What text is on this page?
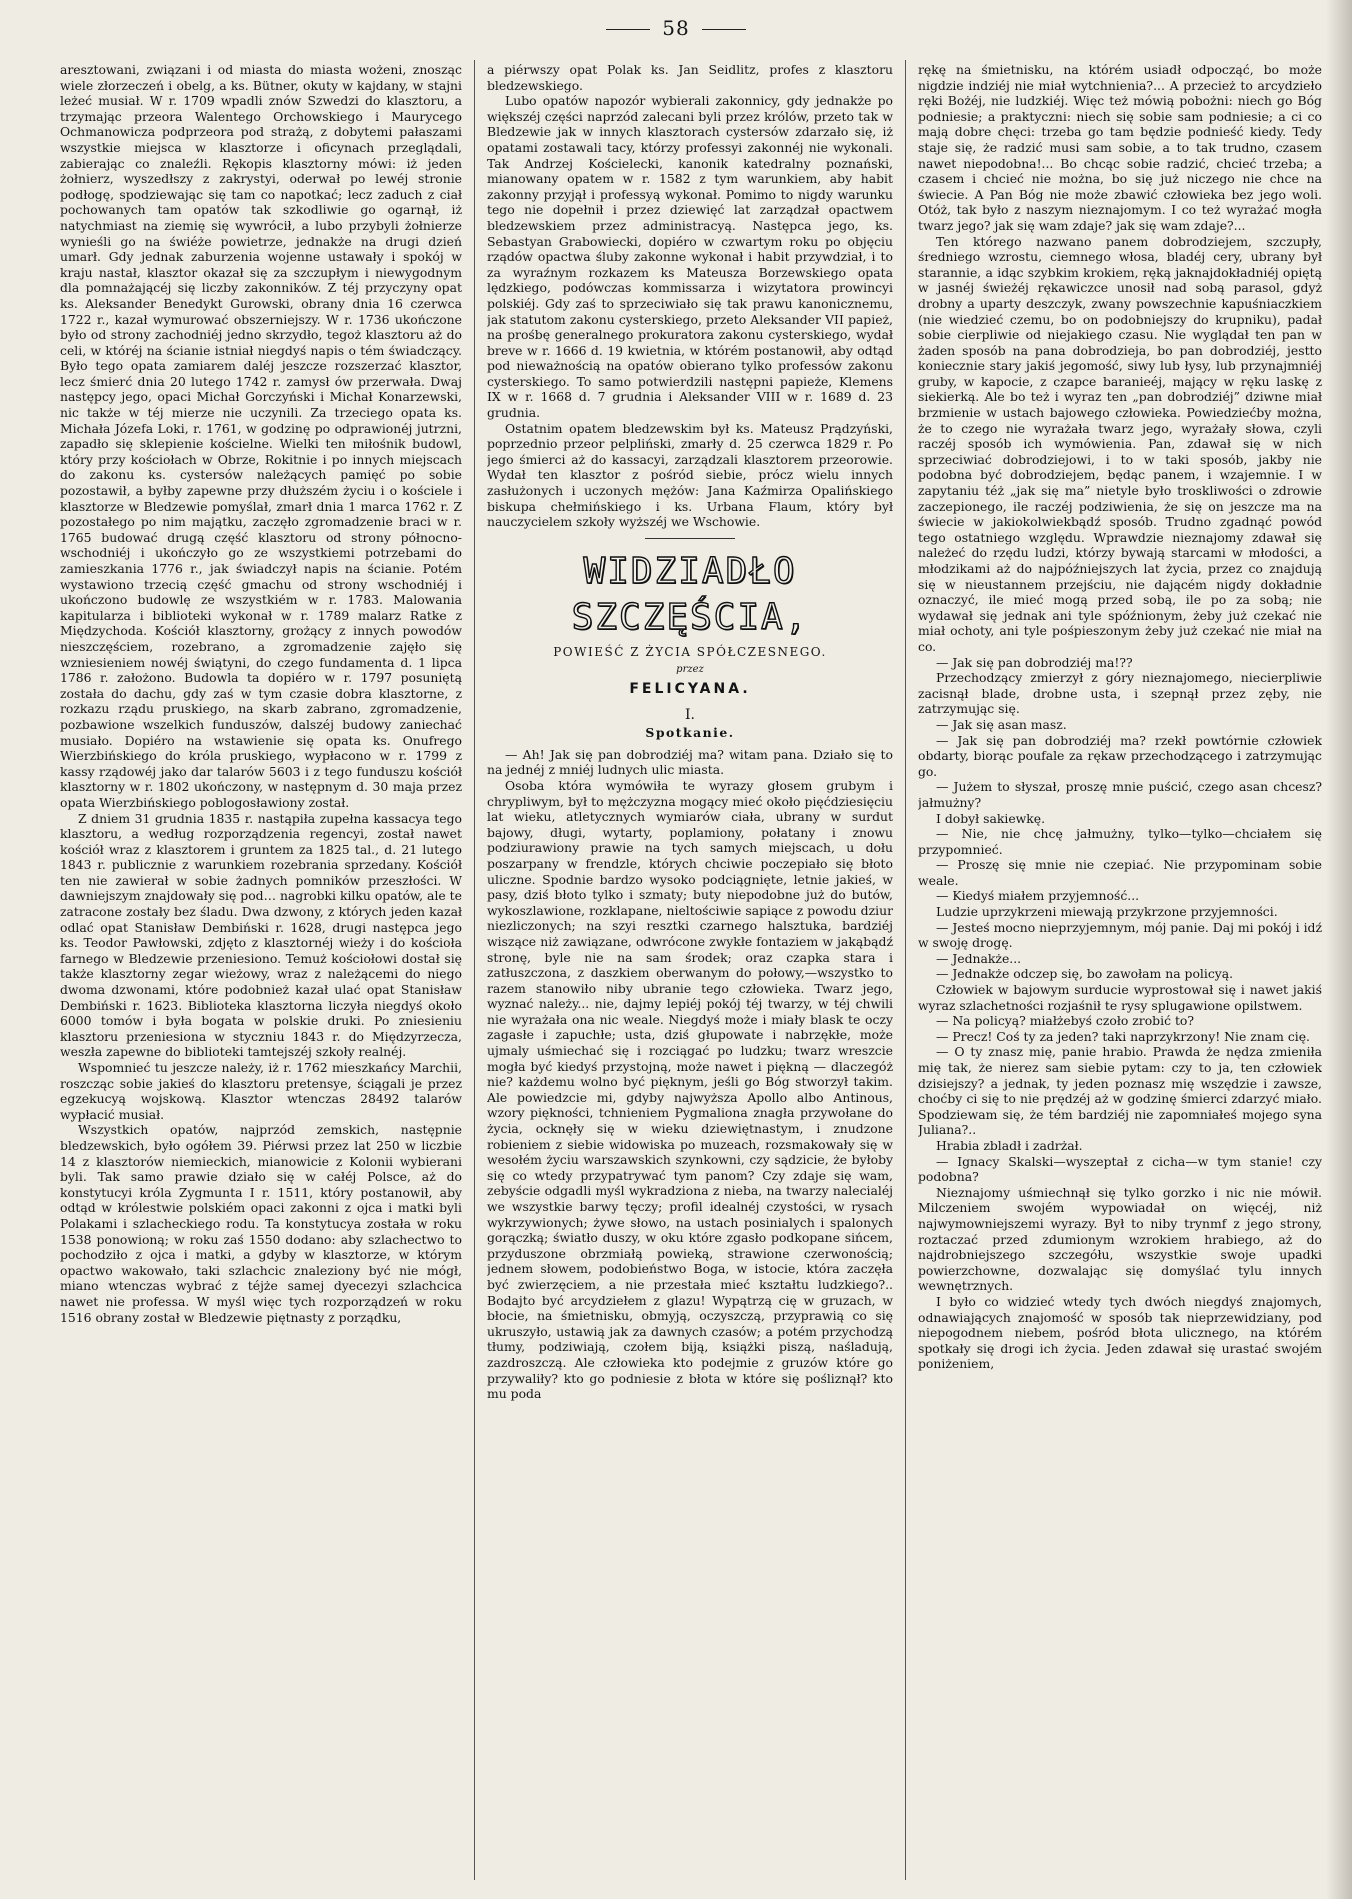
58

aresztowani, związani i od miasta do miasta wożeni, znosząc wiele złorzeczeń i obelg, a ks. Bütner, okuty w kajdany, w stajni leżeć musiał. W r. 1709 wpadli znów Szwedzi do klasztoru, a trzymając przeora Walentego Orchowskiego i Maurycego Ochmanowicza podprzeora pod strażą, z dobytemi pałaszami wszystkie miejsca w klasztorze i oficynach przeglądali, zabierając co znaleźli. Rękopis klasztorny mówi: iż jeden żołnierz, wyszedłszy z zakrystyi, oderwał po lewéj stronie podłogę, spodziewając się tam co napotkać; lecz zaduch z ciał pochowanych tam opatów tak szkodliwie go ogarnął, iż natychmiast na ziemię się wywrócił, a lubo przybyli żołnierze wynieśli go na świéże powietrze, jednakże na drugi dzień umarł. Gdy jednak zaburzenia wojenne ustawały i spokój w kraju nastał, klasztor okazał się za szczupłym i niewygodnym dla pomnażającéj się liczby zakonników. Z téj przyczyny opat ks. Aleksander Benedykt Gurowski, obrany dnia 16 czerwca 1722 r., kazał wymurować obszerniejszy. W r. 1736 ukończone było od strony zachodniéj jedno skrzydło, tegoż klasztoru aż do celi, w któréj na ścianie istniał niegdyś napis o tém świadczący. Było tego opata zamiarem daléj jeszcze rozszerzać klasztor, lecz śmierć dnia 20 lutego 1742 r. zamysł ów przerwała. Dwaj następcy jego, opaci Michał Gorczyński i Michał Konarzewski, nic także w téj mierze nie uczynili. Za trzeciego opata ks. Michała Józefa Loki, r. 1761, w godzinę po odprawionéj jutrzni, zapadło się sklepienie kościelne. Wielki ten miłośnik budowl, który przy kościołach w Obrze, Rokitnie i po innych miejscach do zakonu ks. cystersów należących pamięć po sobie pozostawił, a byłby zapewne przy dłuższém życiu i o kościele i klasztorze w Bledzewie pomyślał, zmarł dnia 1 marca 1762 r. Z pozostałego po nim majątku, zaczęło zgromadzenie braci w r. 1765 budować drugą część klasztoru od strony północno-wschodniéj i ukończyło go ze wszystkiemi potrzebami do zamieszkania 1776 r., jak świadczył napis na ścianie. Potém wystawiono trzecią część gmachu od strony wschodniéj i ukończono budowlę ze wszystkiém w r. 1783. Malowania kapitularza i biblioteki wykonał w r. 1789 malarz Ratke z Międzychoda. Kościół klasztorny, grożący z innych powodów nieszczęściem, rozebrano, a zgromadzenie zajęło się wzniesieniem nowéj świątyni, do czego fundamenta d. 1 lipca 1786 r. założono. Budowla ta dopiéro w r. 1797 posuniętą została do dachu, gdy zaś w tym czasie dobra klasztorne, z rozkazu rządu pruskiego, na skarb zabrano, zgromadzenie, pozbawione wszelkich funduszów, dalszéj budowy zaniechać musiało. Dopiéro na wstawienie się opata ks. Onufrego Wierzbińskiego do króla pruskiego, wypłacono w r. 1799 z kassy rządowéj jako dar talarów 5603 i z tego funduszu kościół klasztorny w r. 1802 ukończony, w następnym d. 30 maja przez opata Wierzbińskiego poblogosławiony został.

Z dniem 31 grudnia 1835 r. nastąpiła zupełna kassacya tego klasztoru, a według rozporządzenia regencyi, został nawet kościół wraz z klasztorem i gruntem za 1825 tal., d. 21 lutego 1843 r. publicznie z warunkiem rozebrania sprzedany. Kościół ten nie zawierał w sobie żadnych pomników przeszłości. W dawniejszym znajdowały się pod… nagrobki kilku opatów, ale te zatracone zostały bez śladu. Dwa dzwony, z których jeden kazał odlać opat Stanisław Dembiński r. 1628, drugi następca jego ks. Teodor Pawłowski, zdjęto z klasztornéj wieży i do kościoła farnego w Bledzewie przeniesiono. Temuż kościołowi dostał się także klasztorny zegar wieżowy, wraz z należącemi do niego dwoma dzwonami, które podobnież kazał ulać opat Stanisław Dembiński r. 1623. Biblioteka klasztorna liczyła niegdyś około 6000 tomów i była bogata w polskie druki. Po zniesieniu klasztoru przeniesiona w styczniu 1843 r. do Międzyrzecza, weszła zapewne do biblioteki tamtejszéj szkoły realnéj.

Wspomnieć tu jeszcze należy, iż r. 1762 mieszkańcy Marchii, roszcząc sobie jakieś do klasztoru pretensye, ściągali je przez egzekucyą wojskową. Klasztor wtenczas 28492 talarów wypłacić musiał.

Wszystkich opatów, najprzód zemskich, następnie bledzewskich, było ogółem 39. Piérwsi przez lat 250 w liczbie 14 z klasztorów niemieckich, mianowicie z Kolonii wybierani byli. Tak samo prawie działo się w całéj Polsce, aż do konstytucyi króla Zygmunta I r. 1511, który postanowił, aby odtąd w królestwie polskiém opaci zakonni z ojca i matki byli Polakami i szlacheckiego rodu. Ta konstytucya została w roku 1538 ponowioną; w roku zaś 1550 dodano: aby szlachectwo to pochodziło z ojca i matki, a gdyby w klasztorze, w którym opactwo wakowało, taki szlachcic znaleziony być nie mógł, miano wtenczas wybrać z téjże samej dyecezyi szlachcica nawet nie professa. W myśl więc tych rozporządzeń w roku 1516 obrany został w Bledzewie piętnasty z porządku,

a piérwszy opat Polak ks. Jan Seidlitz, profes z klasztoru bledzewskiego.

Lubo opatów napozór wybierali zakonnicy, gdy jednakże po większéj części naprzód zalecani byli przez królów, przeto tak w Bledzewie jak w innych klasztorach cystersów zdarzało się, iż opatami zostawali tacy, którzy professyi zakonnéj nie wykonali. Tak Andrzej Kościelecki, kanonik katedralny poznański, mianowany opatem w r. 1582 z tym warunkiem, aby habit zakonny przyjął i professyą wykonał. Pomimo to nigdy warunku tego nie dopełnił i przez dziewięć lat zarządzał opactwem bledzewskiem przez administracyą. Następca jego, ks. Sebastyan Grabowiecki, dopiéro w czwartym roku po objęciu rządów opactwa śluby zakonne wykonał i habit przywdział, i to za wyraźnym rozkazem ks Mateusza Borzewskiego opata lędzkiego, podówczas kommissarza i wizytatora prowincyi polskiéj. Gdy zaś to sprzeciwiało się tak prawu kanonicznemu, jak statutom zakonu cysterskiego, przeto Aleksander VII papież, na prośbę generalnego prokuratora zakonu cysterskiego, wydał breve w r. 1666 d. 19 kwietnia, w którém postanowił, aby odtąd pod nieważnością na opatów obierano tylko professów zakonu cysterskiego. To samo potwierdzili następni papieże, Klemens IX w r. 1668 d. 7 grudnia i Aleksander VIII w r. 1689 d. 23 grudnia.

Ostatnim opatem bledzewskim był ks. Mateusz Prądzyński, poprzednio przeor pelpliński, zmarły d. 25 czerwca 1829 r. Po jego śmierci aż do kassacyi, zarządzali klasztorem przeorowie. Wydał ten klasztor z pośród siebie, prócz wielu innych zasłużonych i uczonych mężów: Jana Kaźmirza Opalińskiego biskupa chełmińskiego i ks. Urbana Flaum, który był nauczycielem szkoły wyższéj we Wschowie.

WIDZIADŁO SZCZĘŚCIA,
POWIEŚĆ Z ŻYCIA SPÓŁCZESNEGO.
przez
FELICYANA.
I.
Spotkanie.

— Ah! Jak się pan dobrodziéj ma? witam pana. Działo się to na jednéj z mniéj ludnych ulic miasta.

Osoba która wymówiła te wyrazy głosem grubym i chrypliwym, był to mężczyzna mogący mieć około pięćdziesięciu lat wieku, atletycznych wymiarów ciała, ubrany w surdut bajowy, długi, wytarty, poplamiony, połatany i znowu podziurawiony prawie na tych samych miejscach, u dołu poszarpany w frendzle, których chciwie poczepiało się błoto uliczne. Spodnie bardzo wysoko podciągnięte, letnie jakieś, w pasy, dziś błoto tylko i szmaty; buty niepodobne już do butów, wykoszlawione, rozklapane, nieltościwie sapiące z powodu dziur niezliczonych; na szyi resztki czarnego halsztuka, bardziéj wiszące niż zawiązane, odwrócone zwykłe fontaziem w jakąbądź stronę, byle nie na sam środek; oraz czapka stara i zatłuszczona, z daszkiem oberwanym do połowy,—wszystko to razem stanowiło niby ubranie tego człowieka. Twarz jego, wyznać należy... nie, dajmy lepiéj pokój téj twarzy, w téj chwili nie wyrażała ona nic weale. Niegdyś może i miały blask te oczy zagasłe i zapuchłe; usta, dziś głupowate i nabrzękłe, może ujmaly uśmiechać się i rozciągać po ludzku; twarz wreszcie mogła być kiedyś przystojną, może nawet i piękną — dlaczegóż nie? każdemu wolno być pięknym, jeśli go Bóg stworzył takim. Ale powiedzcie mi, gdyby najwyższa Apollo albo Antinous, wzory piękności, tchnieniem Pygmaliona znagła przywołane do życia, ocknęły się w wieku dziewiętnastym, i znudzone robieniem z siebie widowiska po muzeach, rozsmakowały się w wesołém życiu warszawskich szynkowni, czy sądzicie, że byłoby się co wtedy przypatrywać tym panom? Czy zdaje się wam, zebyście odgadli myśl wykradziona z nieba, na twarzy nalecialéj we wszystkie barwy tęczy; profil idealnéj czystości, w rysach wykrzywionych; żywe słowo, na ustach posinialych i spalonych gorączką; światło duszy, w oku które zgasło podkopane sińcem, przyduszone obrzmiałą powieką, strawione czerwonością; jednem słowem, podobieństwo Boga, w istocie, która zaczęła być zwierzęciem, a nie przestała mieć kształtu ludzkiego?.. Bodajto być arcydziełem z glazu! Wypątrzą cię w gruzach, w błocie, na śmietnisku, obmyją, oczyszczą, przyprawią co się ukruszyło, ustawią jak za dawnych czasów; a potém przychodzą tłumy, podziwiają, czołem biją, książki piszą, naśladują, zazdroszczą. Ale człowieka kto podejmie z gruzów które go przywaliły? kto go podniesie z błota w które się pośliznął? kto mu poda

rękę na śmietnisku, na którém usiadł odpocząć, bo może nigdzie indziéj nie miał wytchnienia?... A przecież to arcydzieło ręki Bożéj, nie ludzkiéj. Więc też mówią pobożni: niech go Bóg podniesie; a praktyczni: niech się sobie sam podniesie; a ci co mają dobre chęci: trzeba go tam będzie podnieść kiedy. Tedy staje się, że radzić musi sam sobie, a to tak trudno, czasem nawet niepodobna!... Bo chcąc sobie radzić, chcieć trzeba; a czasem i chcieć nie można, bo się już niczego nie chce na świecie. A Pan Bóg nie może zbawić człowieka bez jego woli. Otóż, tak było z naszym nieznajomym. I co też wyrażać mogła twarz jego? jak się wam zdaje? jak się wam zdaje?...

Ten którego nazwano panem dobrodziejem, szczupły, średniego wzrostu, ciemnego włosa, bladéj cery, ubrany był starannie, a idąc szybkim krokiem, ręką jaknajdokładniéj opiętą w jasnéj świeżéj rękawiczce unosił nad sobą parasol, gdyż drobny a uparty deszczyk, zwany powszechnie kapuśniaczkiem (nie wiedzieć czemu, bo on podobniejszy do krupniku), padał sobie cierpliwie od niejakiego czasu. Nie wyglądał ten pan w żaden sposób na pana dobrodzieja, bo pan dobrodziéj, jestto koniecznie stary jakiś jegomość, siwy lub łysy, lub przynajmniéj gruby, w kapocie, z czapce baranieéj, mający w ręku laskę z siekierką. Ale bo też i wyraz ten „pan dobrodziéj” dziwne miał brzmienie w ustach bajowego człowieka. Powiedziećby można, że to czego nie wyrażała twarz jego, wyrażały słowa, czyli raczéj sposób ich wymówienia. Pan, zdawał się w nich sprzeciwiać dobrodziejowi, i to w taki sposób, jakby nie podobna być dobrodziejem, będąc panem, i wzajemnie. I w zapytaniu téż „jak się ma” nietyle było troskliwości o zdrowie zaczepionego, ile raczéj podziwienia, że się on jeszcze ma na świecie w jakiokolwiekbądź sposób. Trudno zgadnąć powód tego ostatniego względu. Wprawdzie nieznajomy zdawał się należeć do rzędu ludzi, którzy bywają starcami w młodości, a młodzikami aż do najpóźniejszych lat życia, przez co znajdują się w nieustannem przejściu, nie dającém nigdy dokładnie oznaczyć, ile mieć mogą przed sobą, ile po za sobą; nie wydawał się jednak ani tyle spóźnionym, żeby już czekać nie miał ochoty, ani tyle pośpieszonym żeby już czekać nie miał na co.

— Jak się pan dobrodziéj ma!??

Przechodzący zmierzył z góry nieznajomego, niecierpliwie zacisnął blade, drobne usta, i szepnął przez zęby, nie zatrzymując się.

— Jak się asan masz.

— Jak się pan dobrodziéj ma? rzekł powtórnie człowiek obdarty, biorąc poufale za rękaw przechodzącego i zatrzymując go.

— Jużem to słyszał, proszę mnie puścić, czego asan chcesz? jałmużny?

I dobył sakiewkę.

— Nie, nie chcę jałmużny, tylko—tylko—chciałem się przypomnieć.

— Proszę się mnie nie czepiać. Nie przypominam sobie weale.

— Kiedyś miałem przyjemność...

Ludzie uprzykrzeni miewają przykrzone przyjemności.

— Jesteś mocno nieprzyjemnym, mój panie. Daj mi pokój i idź w swoję drogę.

— Jednakże...

— Jednakże odczep się, bo zawołam na policyą.

Człowiek w bajowym surducie wyprostował się i nawet jakiś wyraz szlachetności rozjaśnił te rysy splugawione opilstwem.

— Na policyą? miałżebyś czoło zrobić to?

— Precz! Coś ty za jeden? taki naprzykrzony! Nie znam cię.

— O ty znasz mię, panie hrabio. Prawda że nędza zmieniła mię tak, że nierez sam siebie pytam: czy to ja, ten człowiek dzisiejszy? a jednak, ty jeden poznasz mię wszędzie i zawsze, choćby ci się to nie prędzéj aż w godzinę śmierci zdarzyć miało. Spodziewam się, że tém bardziéj nie zapomniałeś mojego syna Juliana?..

Hrabia zbladł i zadrżał.

— Ignacy Skalski—wyszeptał z cicha—w tym stanie! czy podobna?

Nieznajomy uśmiechnął się tylko gorzko i nic nie mówił. Milczeniem swojém wypowiadał on więcéj, niż najwymowniejszemi wyrazy. Był to niby trynmf z jego strony, roztaczać przed zdumionym wzrokiem hrabiego, aż do najdrobniejszego szczegółu, wszystkie swoje upadki powierzchowne, dozwalając się domyślać tylu innych wewnętrznych.

I było co widzieć wtedy tych dwóch niegdyś znajomych, odnawiających znajomość w sposób tak nieprzewidziany, pod niepogodnem niebem, pośród błota ulicznego, na którém spotkały się drogi ich życia. Jeden zdawał się urastać swojém poniżeniem,
